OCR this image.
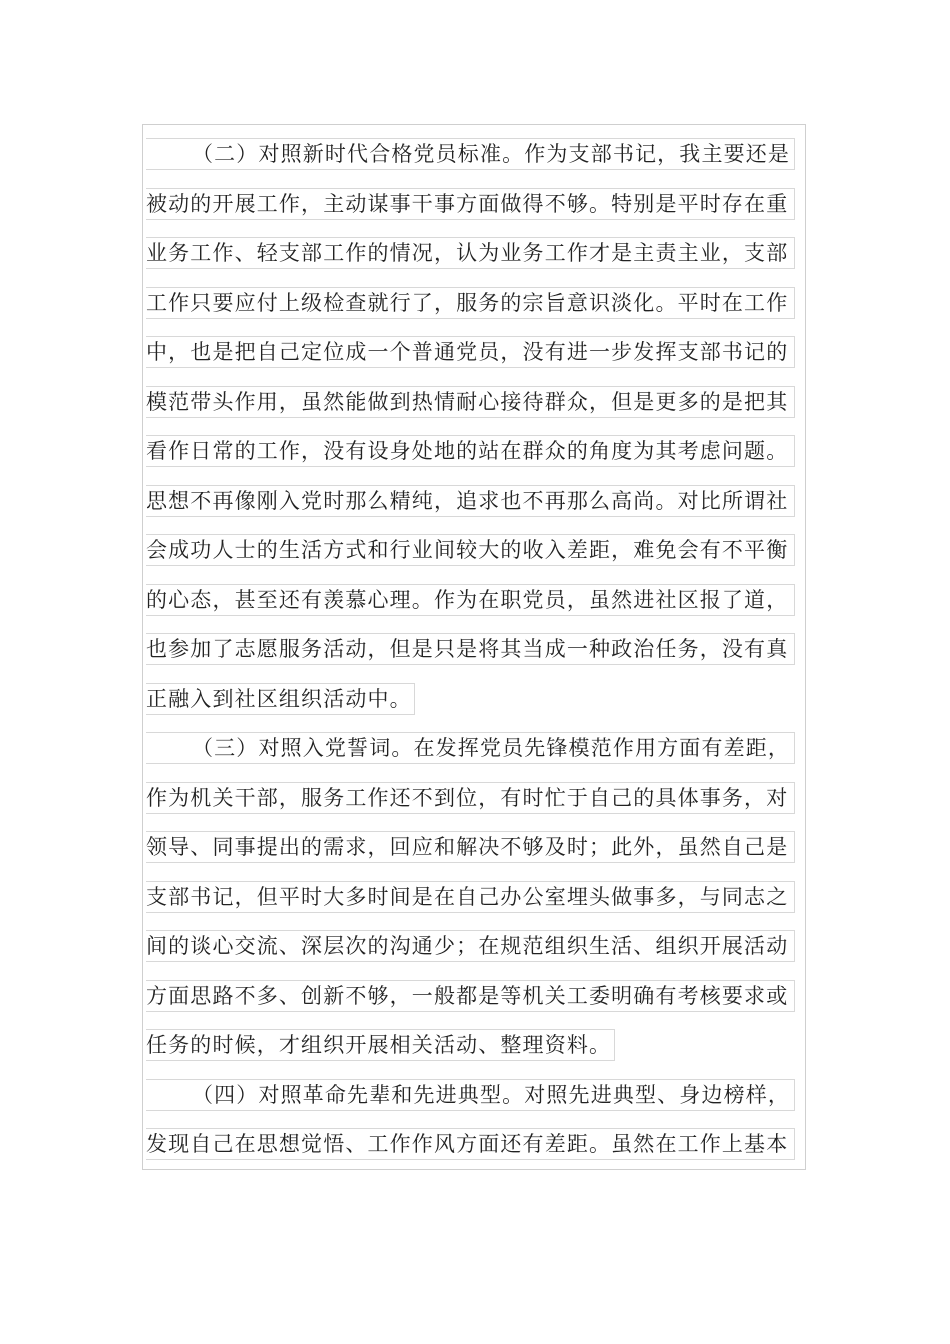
（二）对照新时代合格党员标准。作为支部书记，我主要还是
被动的开展工作，主动谋事干事方面做得不够。特别是平时存在重
业务工作、轻支部工作的情况，认为业务工作才是主责主业，支部
工作只要应付上级检查就行了，服务的宗旨意识淡化。平时在工作
中，也是把自己定位成一个普通党员，没有进一步发挥支部书记的
模范带头作用，虽然能做到热情耐心接待群众，但是更多的是把其
看作日常的工作，没有设身处地的站在群众的角度为其考虑问题。
思想不再像刚入党时那么精纯，追求也不再那么高尚。对比所谓社
会成功人士的生活方式和行业间较大的收入差距，难免会有不平衡
的心态，甚至还有羡慕心理。作为在职党员，虽然进社区报了道，
也参加了志愿服务活动，但是只是将其当成一种政治任务，没有真
正融入到社区组织活动中。
（三）对照入党誓词。在发挥党员先锋模范作用方面有差距，
作为机关干部，服务工作还不到位，有时忙于自己的具体事务，对
领导、同事提出的需求，回应和解决不够及时；此外，虽然自己是
支部书记，但平时大多时间是在自己办公室埋头做事多，与同志之
间的谈心交流、深层次的沟通少；在规范组织生活、组织开展活动
方面思路不多、创新不够，一般都是等机关工委明确有考核要求或
任务的时候，才组织开展相关活动、整理资料。
（四）对照革命先辈和先进典型。对照先进典型、身边榜样，
发现自己在思想觉悟、工作作风方面还有差距。虽然在工作上基本
